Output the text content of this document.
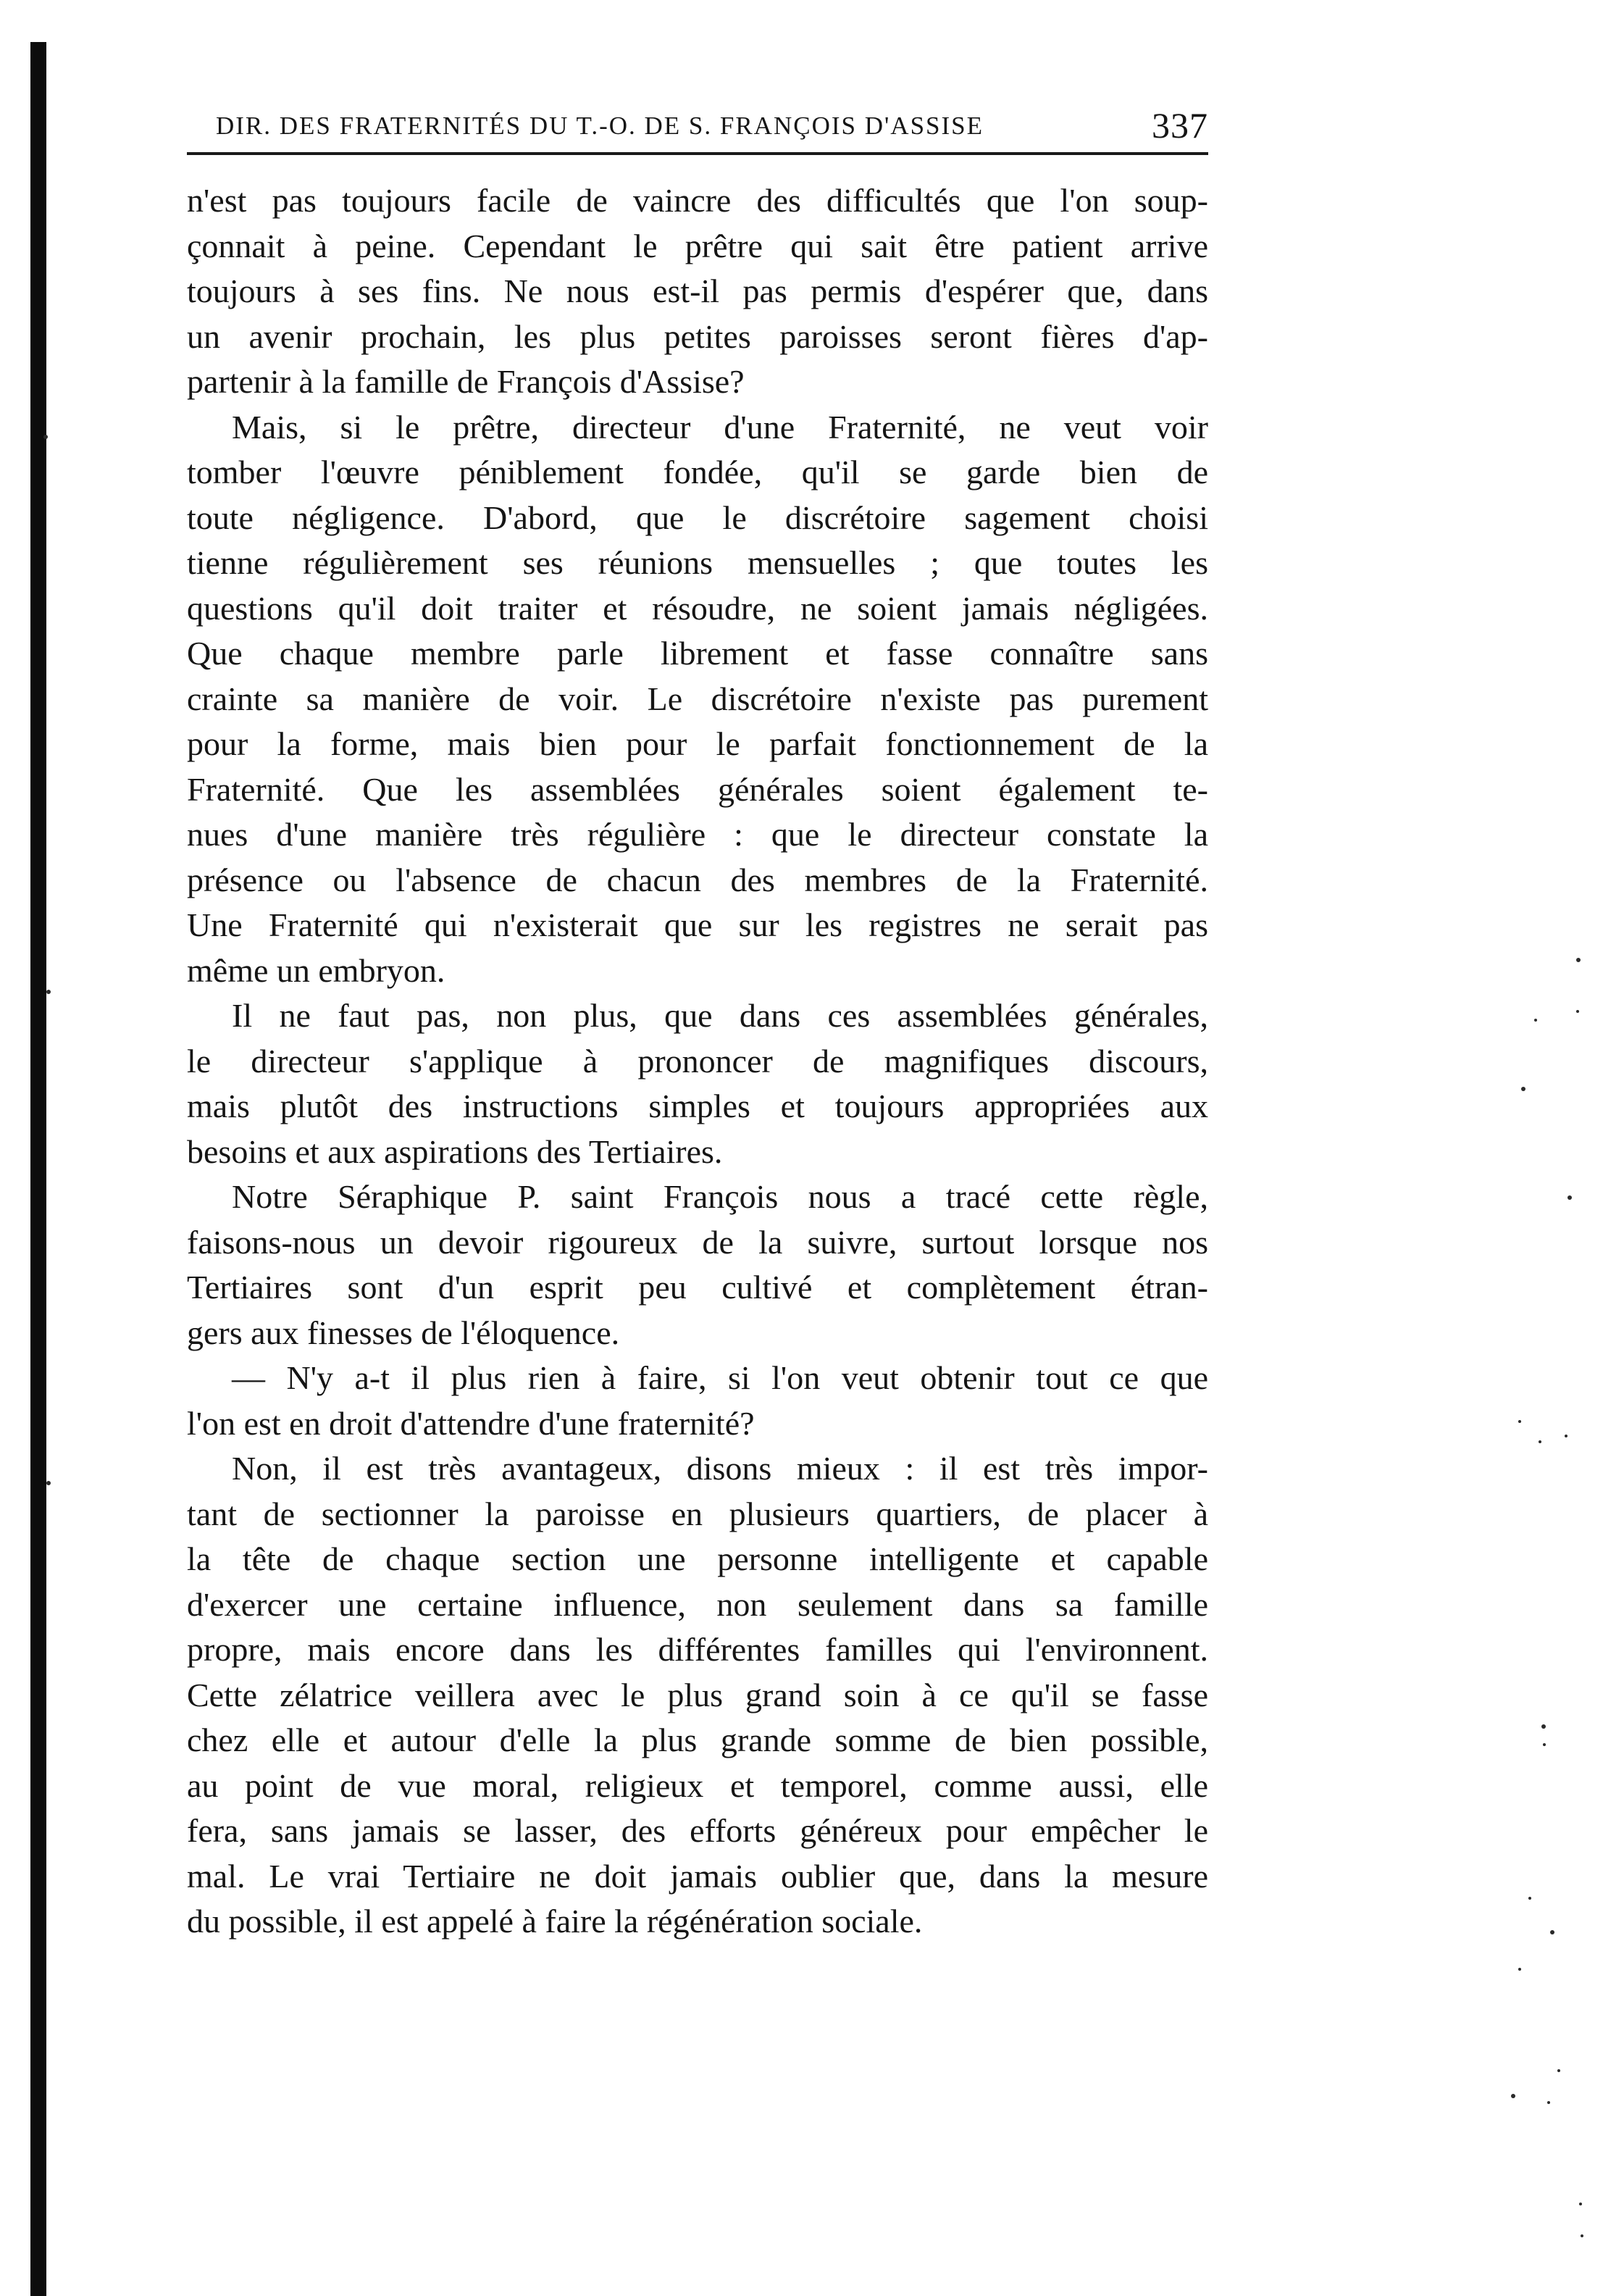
DIR. DES FRATERNITÉS DU T.-O. DE S. FRANÇOIS D'ASSISE	337

n'est pas toujours facile de vaincre des difficultés que l'on soup-
çonnait à peine. Cependant le prêtre qui sait être patient arrive
toujours à ses fins. Ne nous est-il pas permis d'espérer que, dans
un avenir prochain, les plus petites paroisses seront fières d'ap-
partenir à la famille de François d'Assise?

Mais, si le prêtre, directeur d'une Fraternité, ne veut voir
tomber l'œuvre péniblement fondée, qu'il se garde bien de
toute négligence. D'abord, que le discrétoire sagement choisi
tienne régulièrement ses réunions mensuelles ; que toutes les
questions qu'il doit traiter et résoudre, ne soient jamais négligées.
Que chaque membre parle librement et fasse connaître sans
crainte sa manière de voir. Le discrétoire n'existe pas purement
pour la forme, mais bien pour le parfait fonctionnement de la
Fraternité. Que les assemblées générales soient également te-
nues d'une manière très régulière : que le directeur constate la
présence ou l'absence de chacun des membres de la Fraternité.
Une Fraternité qui n'existerait que sur les registres ne serait pas
même un embryon.

Il ne faut pas, non plus, que dans ces assemblées générales,
le directeur s'applique à prononcer de magnifiques discours,
mais plutôt des instructions simples et toujours appropriées aux
besoins et aux aspirations des Tertiaires.

Notre Séraphique P. saint François nous a tracé cette règle,
faisons-nous un devoir rigoureux de la suivre, surtout lorsque nos
Tertiaires sont d'un esprit peu cultivé et complètement étran-
gers aux finesses de l'éloquence.

— N'y a-t il plus rien à faire, si l'on veut obtenir tout ce que
l'on est en droit d'attendre d'une fraternité?

Non, il est très avantageux, disons mieux : il est très impor-
tant de sectionner la paroisse en plusieurs quartiers, de placer à
la tête de chaque section une personne intelligente et capable
d'exercer une certaine influence, non seulement dans sa famille
propre, mais encore dans les différentes familles qui l'environnent.
Cette zélatrice veillera avec le plus grand soin à ce qu'il se fasse
chez elle et autour d'elle la plus grande somme de bien possible,
au point de vue moral, religieux et temporel, comme aussi, elle
fera, sans jamais se lasser, des efforts généreux pour empêcher le
mal. Le vrai Tertiaire ne doit jamais oublier que, dans la mesure
du possible, il est appelé à faire la régénération sociale.
